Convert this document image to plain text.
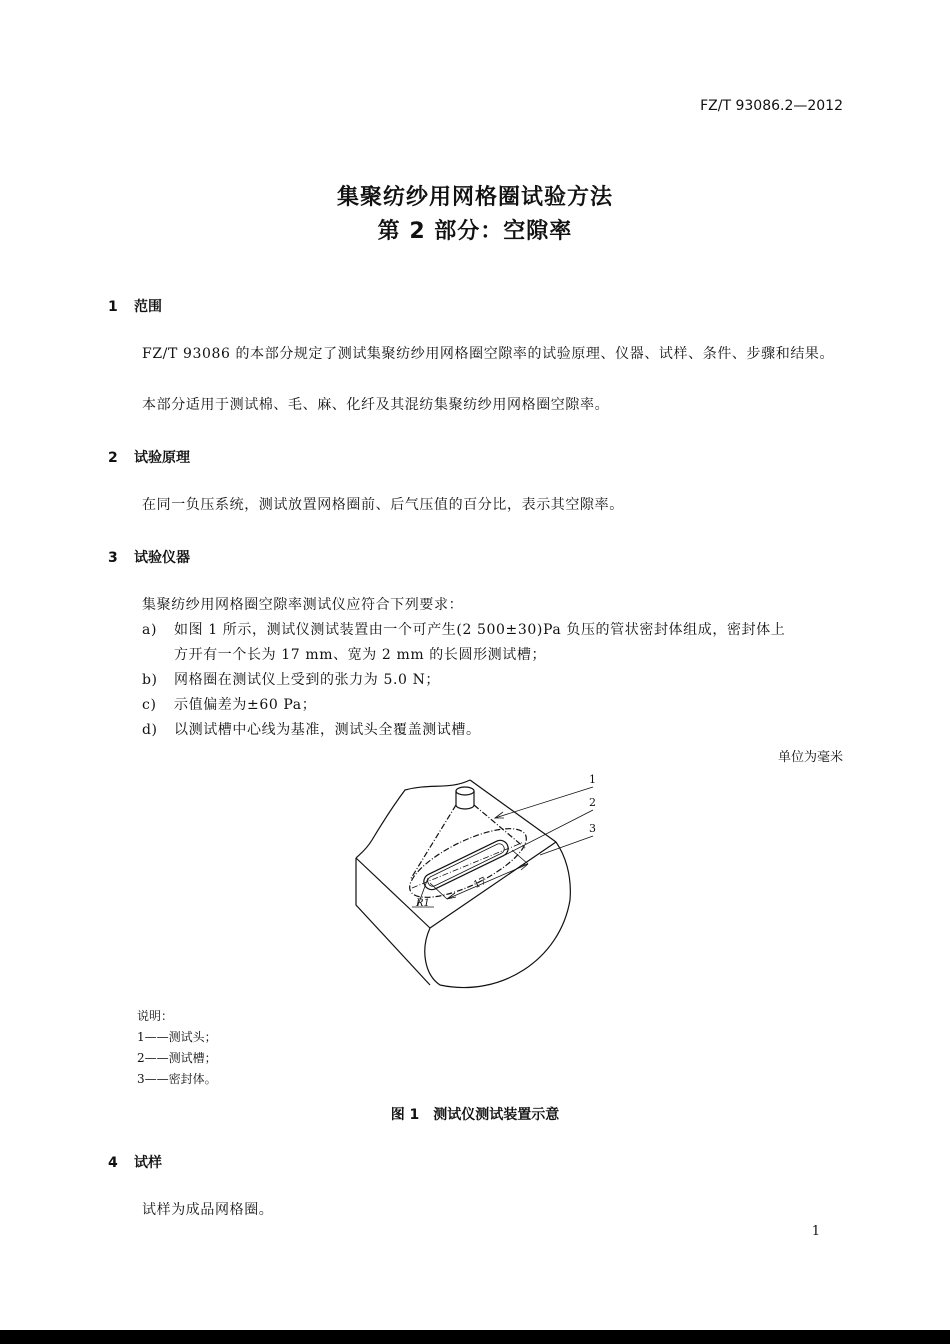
FZ/T 93086.2—2012
集聚纺纱用网格圈试验方法
第 2 部分：空隙率
1 范围
FZ/T 93086 的本部分规定了测试集聚纺纱用网格圈空隙率的试验原理、仪器、试样、条件、步骤和结果。
本部分适用于测试棉、毛、麻、化纤及其混纺集聚纺纱用网格圈空隙率。
2 试验原理
在同一负压系统，测试放置网格圈前、后气压值的百分比，表示其空隙率。
3 试验仪器
集聚纺纱用网格圈空隙率测试仪应符合下列要求：
a) 如图 1 所示，测试仪测试装置由一个可产生(2 500±30)Pa 负压的管状密封体组成，密封体上
方开有一个长为 17 mm、宽为 2 mm 的长圆形测试槽；
b) 网格圈在测试仪上受到的张力为 5.0 N；
c) 示值偏差为±60 Pa；
d) 以测试槽中心线为基准，测试头全覆盖测试槽。
单位为毫米
1
2
3
17
R1
说明：
1——测试头；
2——测试槽；
3——密封体。
图 1　测试仪测试装置示意
4 试样
试样为成品网格圈。
1
